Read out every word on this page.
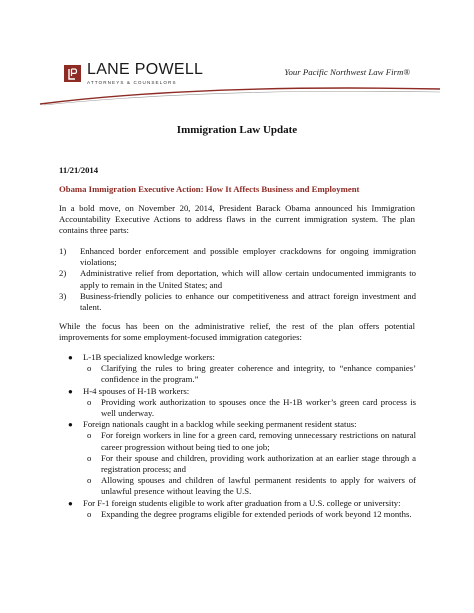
LANE POWELL
ATTORNEYS & COUNSELORS
Your Pacific Northwest Law Firm®
Immigration Law Update
11/21/2014
Obama Immigration Executive Action: How It Affects Business and Employment
In a bold move, on November 20, 2014, President Barack Obama announced his Immigration Accountability Executive Actions to address flaws in the current immigration system. The plan contains three parts:
1) Enhanced border enforcement and possible employer crackdowns for ongoing immigration violations;
2) Administrative relief from deportation, which will allow certain undocumented immigrants to apply to remain in the United States; and
3) Business-friendly policies to enhance our competitiveness and attract foreign investment and talent.
While the focus has been on the administrative relief, the rest of the plan offers potential improvements for some employment-focused immigration categories:
● L-1B specialized knowledge workers:
o Clarifying the rules to bring greater coherence and integrity, to “enhance companies’ confidence in the program.”
● H-4 spouses of H-1B workers:
o Providing work authorization to spouses once the H-1B worker’s green card process is well underway.
● Foreign nationals caught in a backlog while seeking permanent resident status:
o For foreign workers in line for a green card, removing unnecessary restrictions on natural career progression without being tied to one job;
o For their spouse and children, providing work authorization at an earlier stage through a registration process; and
o Allowing spouses and children of lawful permanent residents to apply for waivers of unlawful presence without leaving the U.S.
● For F-1 foreign students eligible to work after graduation from a U.S. college or university:
o Expanding the degree programs eligible for extended periods of work beyond 12 months.
